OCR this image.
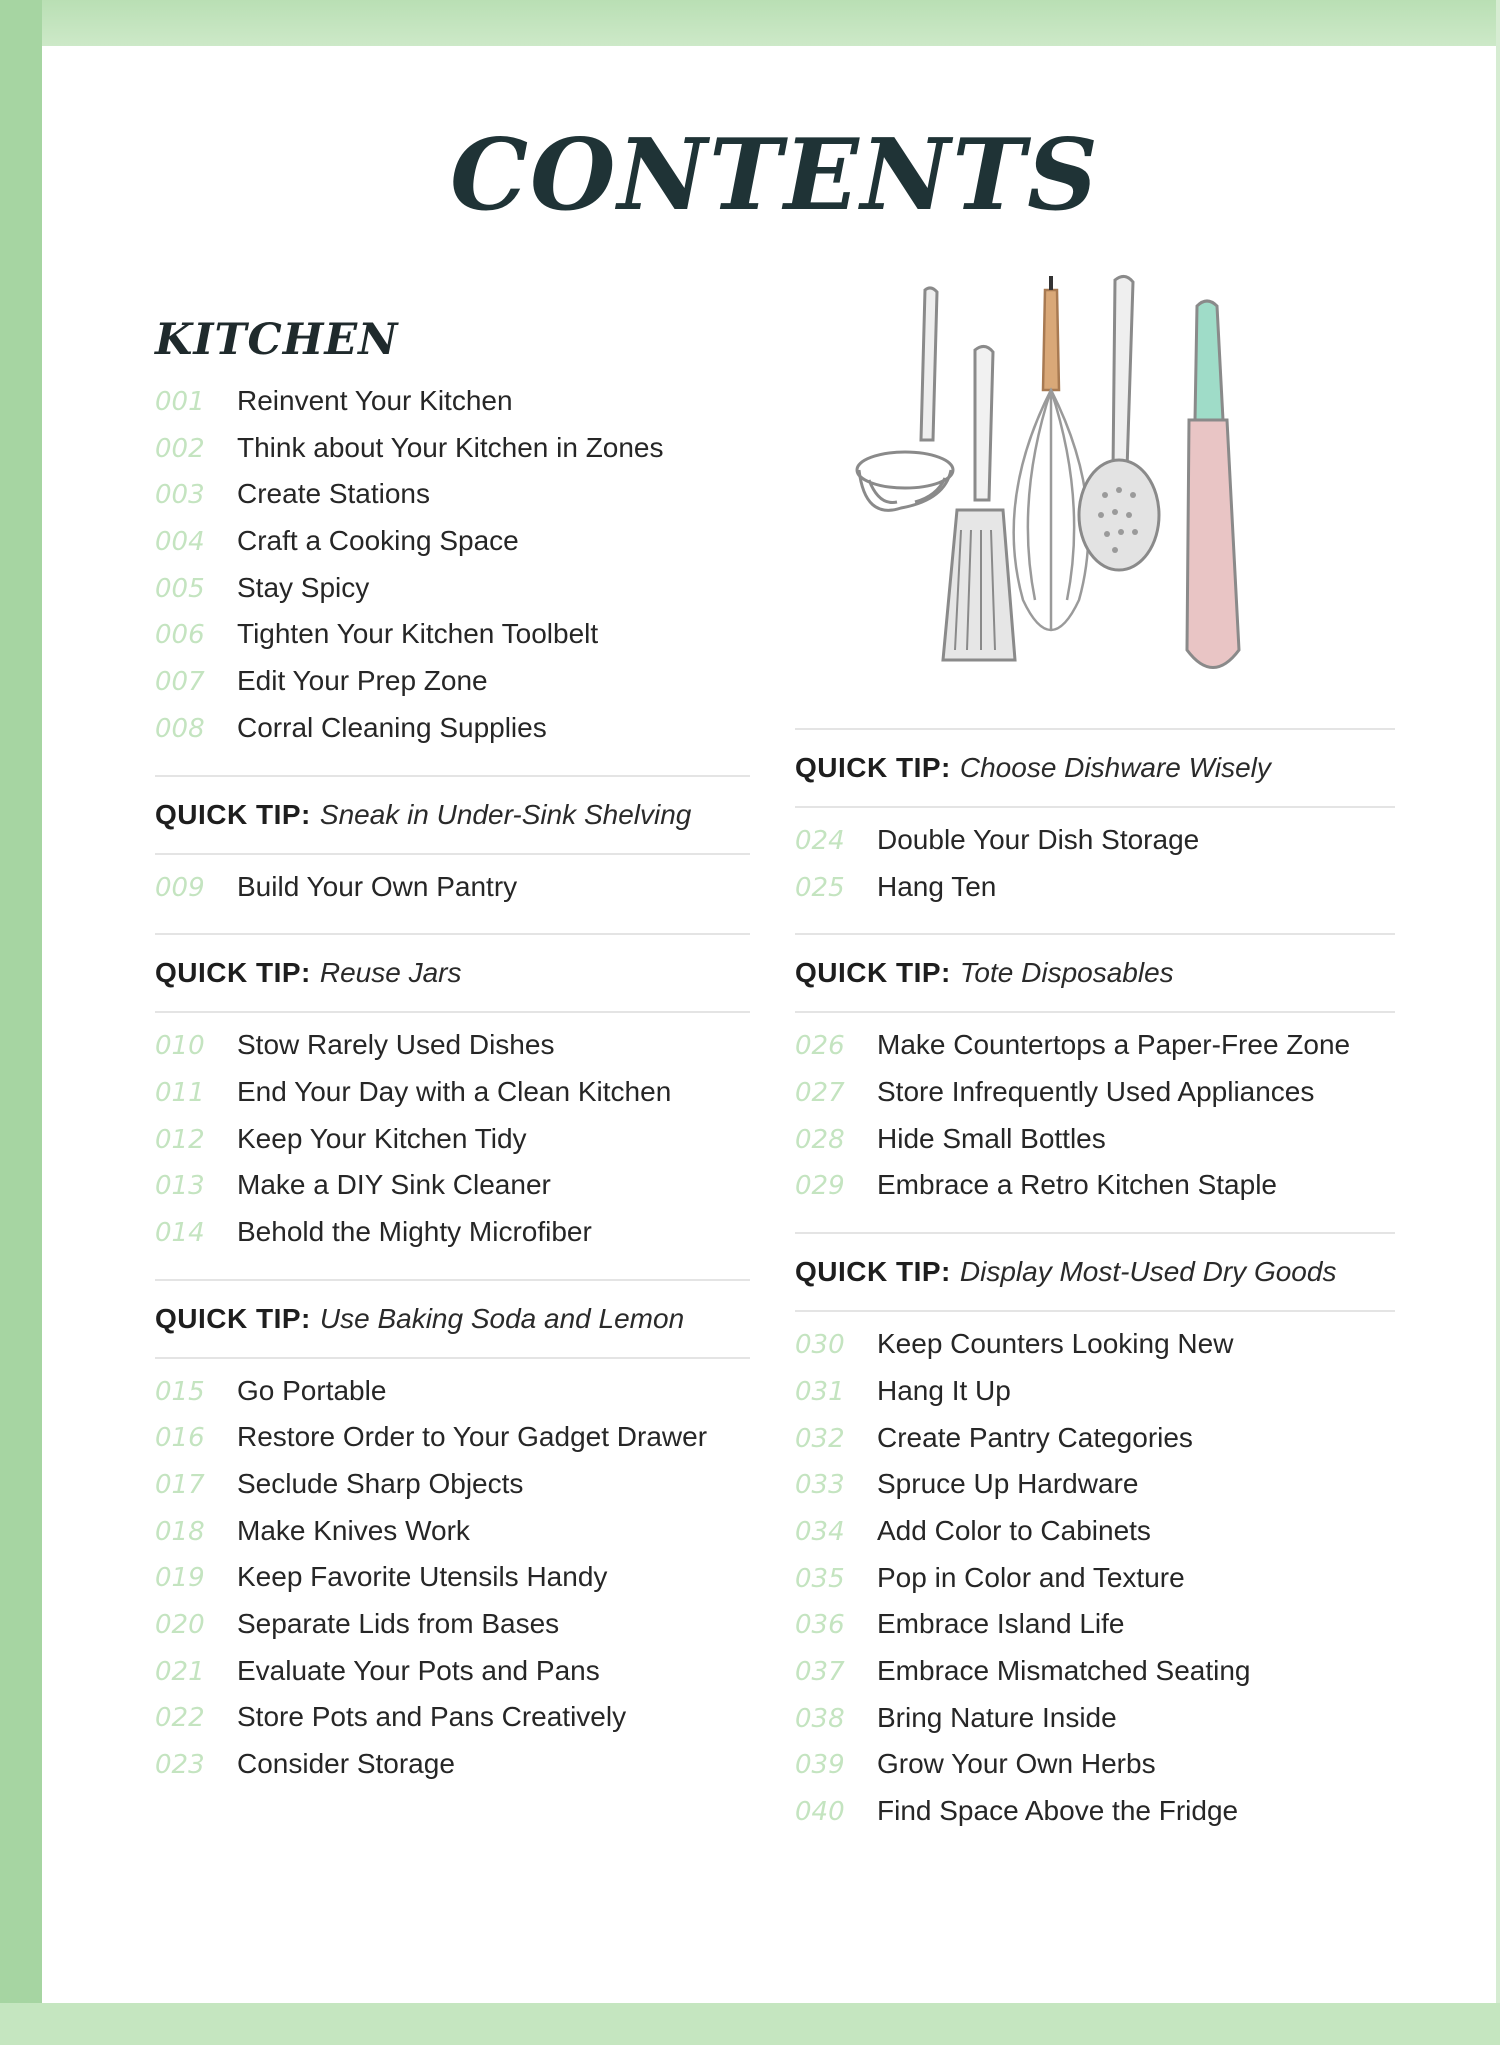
CONTENTS
KITCHEN
001	Reinvent Your Kitchen
002	Think about Your Kitchen in Zones
003	Create Stations
004	Craft a Cooking Space
005	Stay Spicy
006	Tighten Your Kitchen Toolbelt
007	Edit Your Prep Zone
008	Corral Cleaning Supplies
QUICK TIP: Sneak in Under-Sink Shelving
009	Build Your Own Pantry
QUICK TIP: Reuse Jars
010	Stow Rarely Used Dishes
011	End Your Day with a Clean Kitchen
012	Keep Your Kitchen Tidy
013	Make a DIY Sink Cleaner
014	Behold the Mighty Microfiber
QUICK TIP: Use Baking Soda and Lemon
015	Go Portable
016	Restore Order to Your Gadget Drawer
017	Seclude Sharp Objects
018	Make Knives Work
019	Keep Favorite Utensils Handy
020	Separate Lids from Bases
021	Evaluate Your Pots and Pans
022	Store Pots and Pans Creatively
023	Consider Storage
QUICK TIP: Choose Dishware Wisely
024	Double Your Dish Storage
025	Hang Ten
QUICK TIP: Tote Disposables
026	Make Countertops a Paper-Free Zone
027	Store Infrequently Used Appliances
028	Hide Small Bottles
029	Embrace a Retro Kitchen Staple
QUICK TIP: Display Most-Used Dry Goods
030	Keep Counters Looking New
031	Hang It Up
032	Create Pantry Categories
033	Spruce Up Hardware
034	Add Color to Cabinets
035	Pop in Color and Texture
036	Embrace Island Life
037	Embrace Mismatched Seating
038	Bring Nature Inside
039	Grow Your Own Herbs
040	Find Space Above the Fridge
